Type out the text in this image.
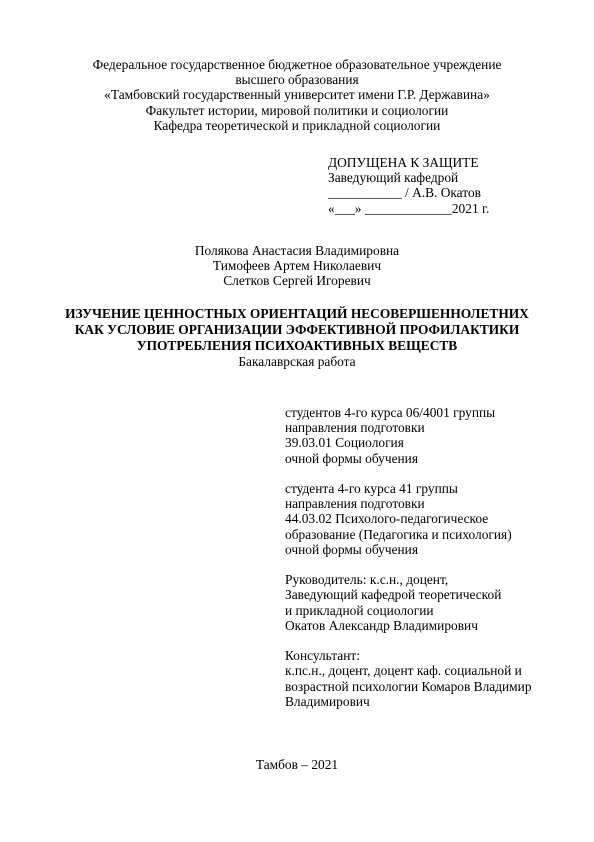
Федеральное государственное бюджетное образовательное учреждение
высшего образования
«Тамбовский государственный университет имени Г.Р. Державина»
Факультет истории, мировой политики и социологии
Кафедра теоретической и прикладной социологии
ДОПУЩЕНА К ЗАЩИТЕ
Заведующий кафедрой
___________ / А.В. Окатов
«___» _____________2021 г.
Полякова Анастасия Владимировна
Тимофеев Артем Николаевич
Слетков Сергей Игоревич
ИЗУЧЕНИЕ ЦЕННОСТНЫХ ОРИЕНТАЦИЙ НЕСОВЕРШЕННОЛЕТНИХ
КАК УСЛОВИЕ ОРГАНИЗАЦИИ ЭФФЕКТИВНОЙ ПРОФИЛАКТИКИ
УПОТРЕБЛЕНИЯ ПСИХОАКТИВНЫХ ВЕЩЕСТВ
Бакалаврская работа
студентов 4-го курса 06/4001 группы
направления подготовки
39.03.01 Социология
очной формы обучения
студента 4-го курса 41 группы
направления подготовки
44.03.02 Психолого-педагогическое
образование (Педагогика и психология)
очной формы обучения
Руководитель: к.с.н., доцент,
Заведующий кафедрой теоретической
и прикладной социологии
Окатов Александр Владимирович
Консультант:
к.пс.н., доцент, доцент каф. социальной и
возрастной психологии Комаров Владимир
Владимирович
Тамбов – 2021
